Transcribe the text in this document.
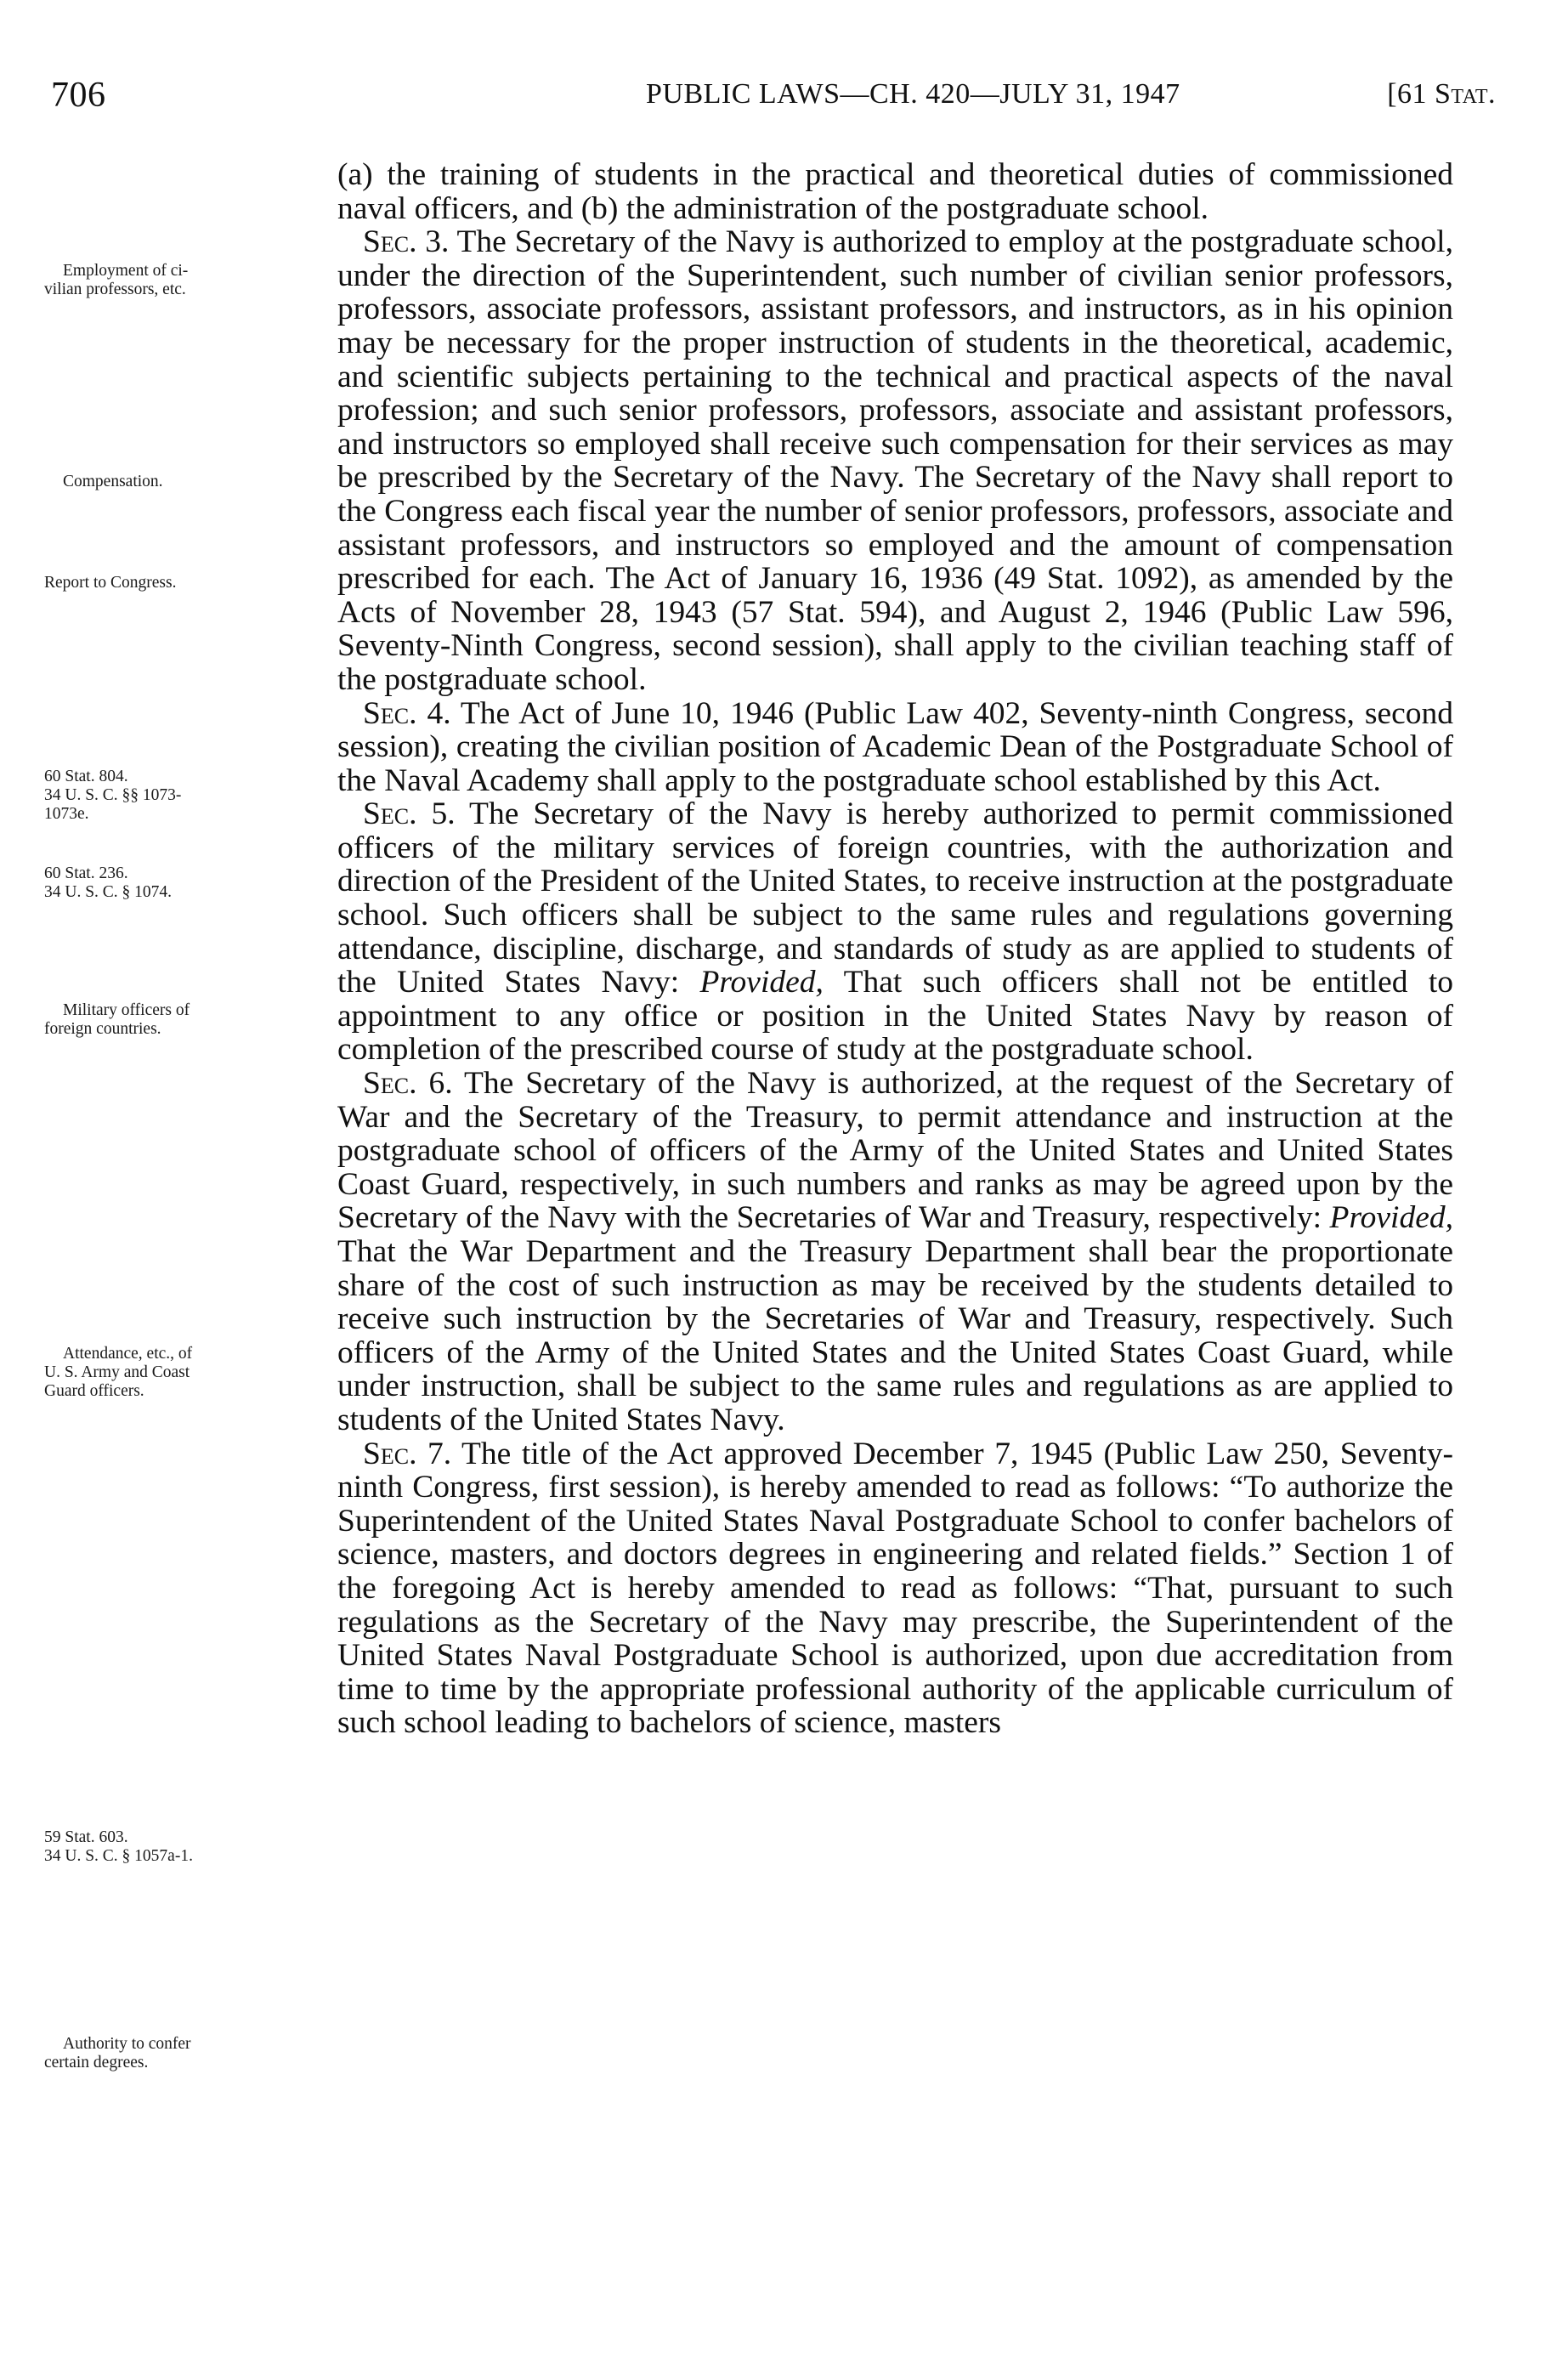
706	PUBLIC LAWS—CH. 420—JULY 31, 1947	[61 Stat.
Employment of ci-
vilian professors, etc.
Compensation.
Report to Congress.
60 Stat. 804.
34 U. S. C. §§ 1073-
1073e.
60 Stat. 236.
34 U. S. C. § 1074.
Military officers of
foreign countries.
Attendance, etc., of
U. S. Army and Coast
Guard officers.
59 Stat. 603.
34 U. S. C. § 1057a-1.
Authority to confer
certain degrees.

(a) the training of students in the practical and theoretical duties of commissioned naval officers, and (b) the administration of the postgraduate school.

Sec. 3. The Secretary of the Navy is authorized to employ at the postgraduate school, under the direction of the Superintendent, such number of civilian senior professors, professors, associate professors, assistant professors, and instructors, as in his opinion may be necessary for the proper instruction of students in the theoretical, academic, and scientific subjects pertaining to the technical and practical aspects of the naval profession; and such senior professors, professors, associate and assistant professors, and instructors so employed shall receive such compensation for their services as may be prescribed by the Secretary of the Navy. The Secretary of the Navy shall report to the Congress each fiscal year the number of senior professors, professors, associate and assistant professors, and instructors so employed and the amount of compensation prescribed for each. The Act of January 16, 1936 (49 Stat. 1092), as amended by the Acts of November 28, 1943 (57 Stat. 594), and August 2, 1946 (Public Law 596, Seventy-Ninth Congress, second session), shall apply to the civilian teaching staff of the postgraduate school.

Sec. 4. The Act of June 10, 1946 (Public Law 402, Seventy-ninth Congress, second session), creating the civilian position of Academic Dean of the Postgraduate School of the Naval Academy shall apply to the postgraduate school established by this Act.

Sec. 5. The Secretary of the Navy is hereby authorized to permit commissioned officers of the military services of foreign countries, with the authorization and direction of the President of the United States, to receive instruction at the postgraduate school. Such officers shall be subject to the same rules and regulations governing attendance, discipline, discharge, and standards of study as are applied to students of the United States Navy: Provided, That such officers shall not be entitled to appointment to any office or position in the United States Navy by reason of completion of the prescribed course of study at the postgraduate school.

Sec. 6. The Secretary of the Navy is authorized, at the request of the Secretary of War and the Secretary of the Treasury, to permit attendance and instruction at the postgraduate school of officers of the Army of the United States and United States Coast Guard, respectively, in such numbers and ranks as may be agreed upon by the Secretary of the Navy with the Secretaries of War and Treasury, respectively: Provided, That the War Department and the Treasury Department shall bear the proportionate share of the cost of such instruction as may be received by the students detailed to receive such instruction by the Secretaries of War and Treasury, respectively. Such officers of the Army of the United States and the United States Coast Guard, while under instruction, shall be subject to the same rules and regulations as are applied to students of the United States Navy.

Sec. 7. The title of the Act approved December 7, 1945 (Public Law 250, Seventy-ninth Congress, first session), is hereby amended to read as follows: “To authorize the Superintendent of the United States Naval Postgraduate School to confer bachelors of science, masters, and doctors degrees in engineering and related fields.” Section 1 of the foregoing Act is hereby amended to read as follows: “That, pursuant to such regulations as the Secretary of the Navy may prescribe, the Superintendent of the United States Naval Postgraduate School is authorized, upon due accreditation from time to time by the appropriate professional authority of the applicable curriculum of such school leading to bachelors of science, masters
